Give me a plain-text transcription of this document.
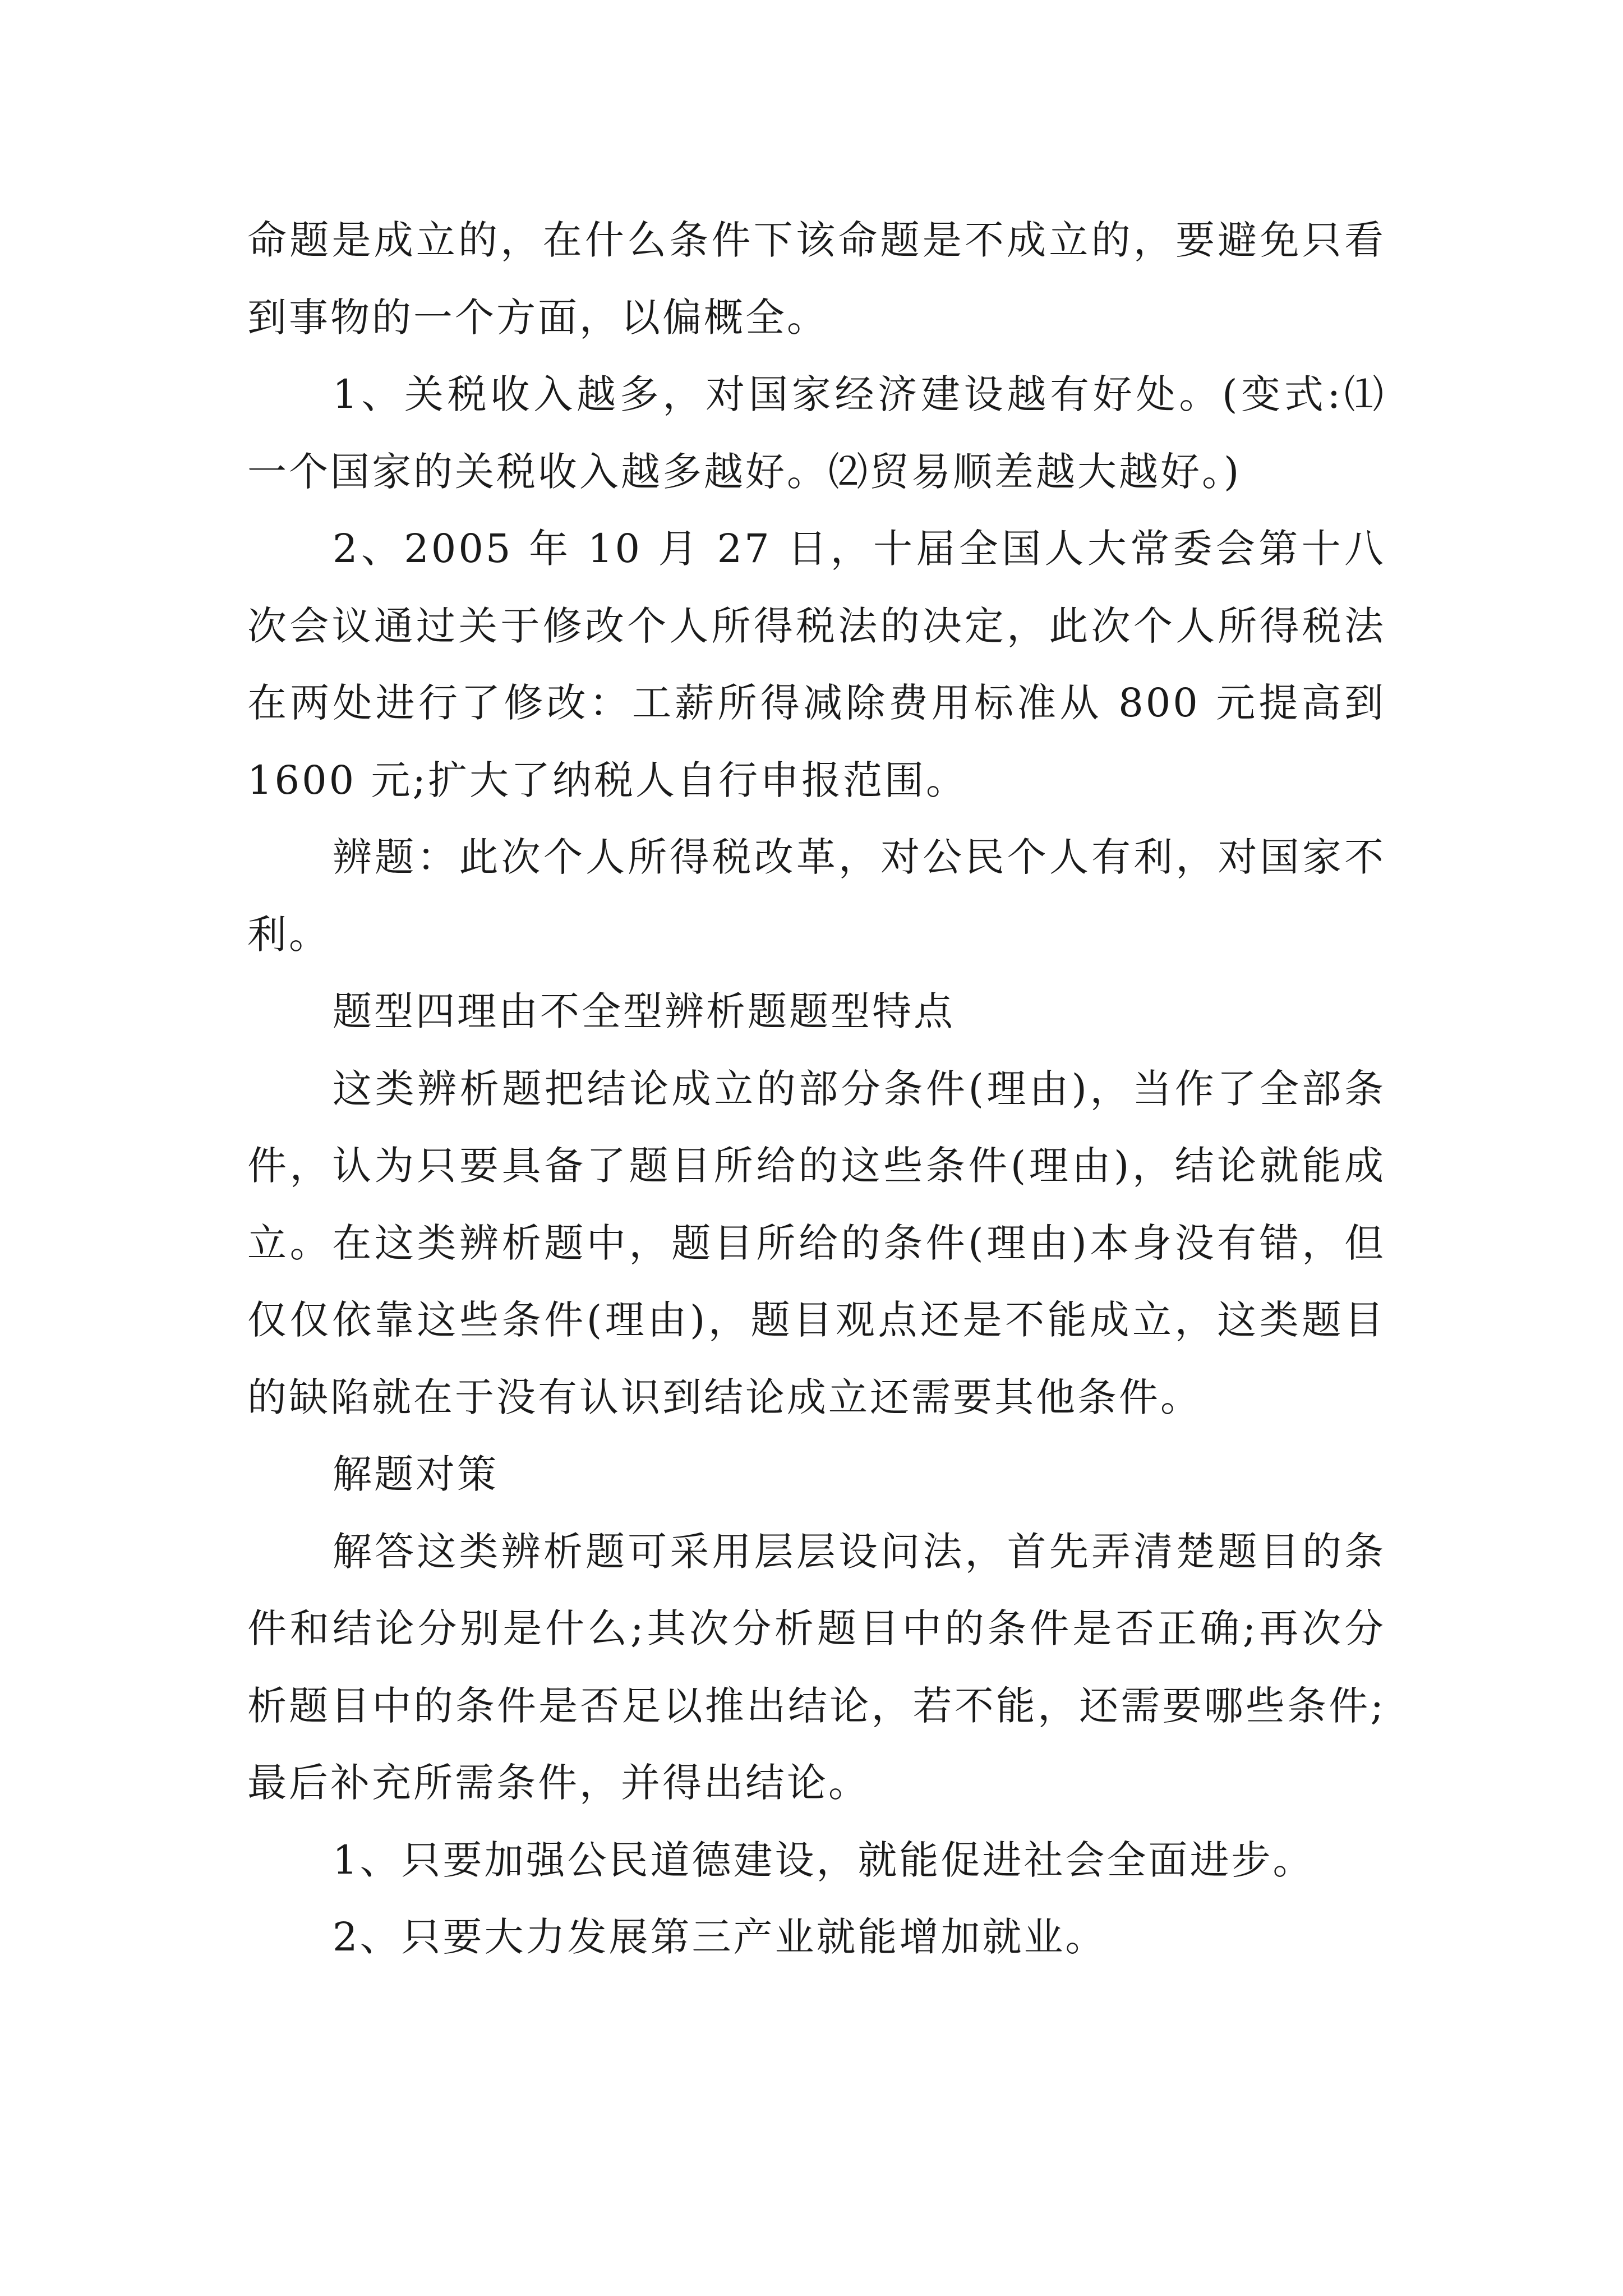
命题是成立的，在什么条件下该命题是不成立的，要避免只看到事物的一个方面，以偏概全。

1、关税收入越多，对国家经济建设越有好处。(变式:⑴一个国家的关税收入越多越好。⑵贸易顺差越大越好。)

2、2005 年 10 月 27 日，十届全国人大常委会第十八次会议通过关于修改个人所得税法的决定，此次个人所得税法在两处进行了修改：工薪所得减除费用标准从 800 元提高到 1600 元;扩大了纳税人自行申报范围。

辨题：此次个人所得税改革，对公民个人有利，对国家不利。

题型四理由不全型辨析题题型特点

这类辨析题把结论成立的部分条件(理由)，当作了全部条件，认为只要具备了题目所给的这些条件(理由)，结论就能成立。在这类辨析题中，题目所给的条件(理由)本身没有错，但仅仅依靠这些条件(理由)，题目观点还是不能成立，这类题目的缺陷就在于没有认识到结论成立还需要其他条件。

解题对策

解答这类辨析题可采用层层设问法，首先弄清楚题目的条件和结论分别是什么;其次分析题目中的条件是否正确;再次分析题目中的条件是否足以推出结论，若不能，还需要哪些条件;最后补充所需条件，并得出结论。

1、只要加强公民道德建设，就能促进社会全面进步。

2、只要大力发展第三产业就能增加就业。
